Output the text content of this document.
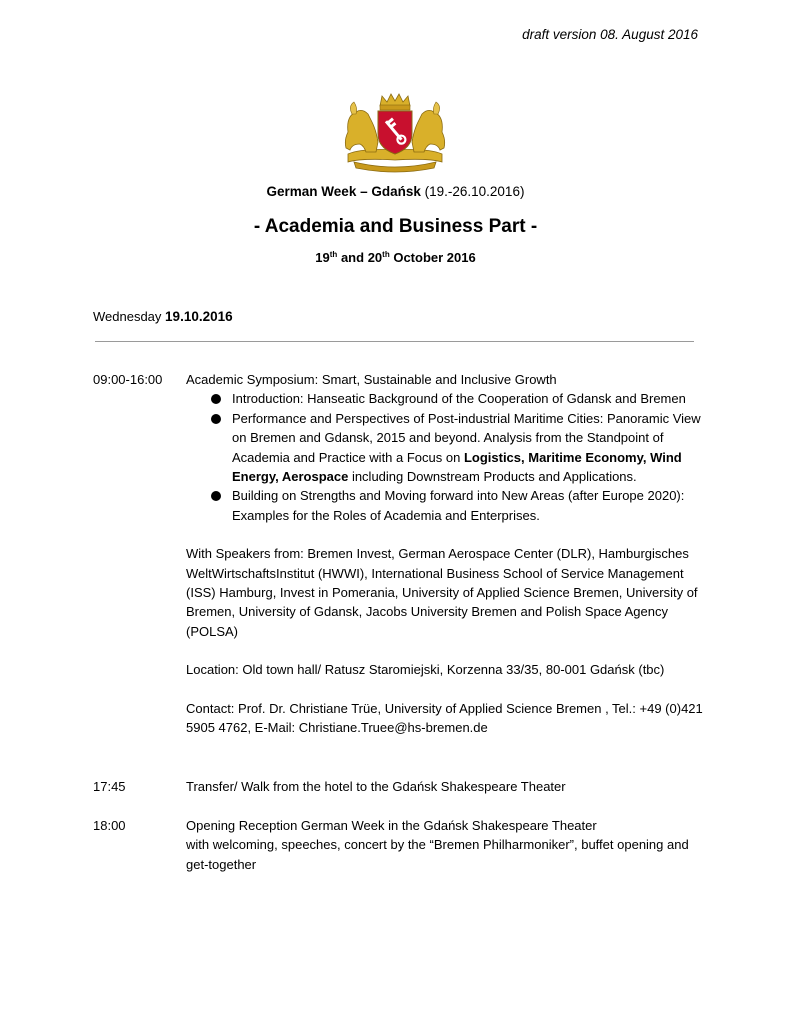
draft version 08. August 2016
German Week – Gdańsk (19.-26.10.2016)
- Academia and Business Part -
19th and 20th October 2016
Wednesday 19.10.2016
09:00-16:00 Academic Symposium: Smart, Sustainable and Inclusive Growth

Introduction: Hanseatic Background of the Cooperation of Gdansk and Bremen
Performance and Perspectives of Post-industrial Maritime Cities: Panoramic View on Bremen and Gdansk, 2015 and beyond. Analysis from the Standpoint of Academia and Practice with a Focus on Logistics, Maritime Economy, Wind Energy, Aerospace including Downstream Products and Applications.
Building on Strengths and Moving forward into New Areas (after Europe 2020): Examples for the Roles of Academia and Enterprises.

With Speakers from: Bremen Invest, German Aerospace Center (DLR), Hamburgisches WeltWirtschaftsInstitut (HWWI), International Business School of Service Management (ISS) Hamburg, Invest in Pomerania, University of Applied Science Bremen, University of Bremen, University of Gdansk, Jacobs University Bremen and Polish Space Agency (POLSA)

Location: Old town hall/ Ratusz Staromiejski, Korzenna 33/35, 80-001 Gdańsk (tbc)

Contact: Prof. Dr. Christiane Trüe, University of Applied Science Bremen , Tel.: +49 (0)421 5905 4762, E-Mail: Christiane.Truee@hs-bremen.de

17:45	Transfer/ Walk from the hotel to the Gdańsk Shakespeare Theater

18:00	Opening Reception German Week in the Gdańsk Shakespeare Theater

with welcoming, speeches, concert by the “Bremen Philharmoniker”, buffet opening and get-together
